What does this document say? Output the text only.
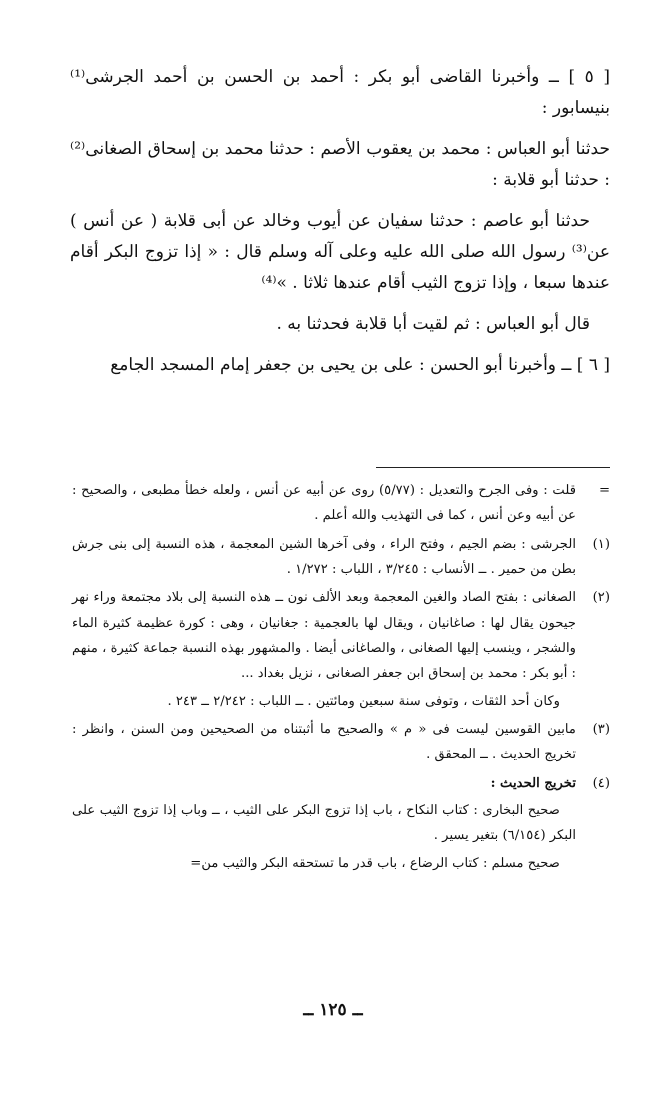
[ ٥ ] ــ وأخبرنا القاضى أبو بكر : أحمد بن الحسن بن أحمد الجرشى⁽¹⁾ بنيسابور :

حدثنا أبو العباس : محمد بن يعقوب الأصم : حدثنا محمد بن إسحاق الصغانى⁽²⁾ : حدثنا أبو قلابة :

حدثنا أبو عاصم : حدثنا سفيان عن أيوب وخالد عن أبى قلابة ( عن أنس ) عن⁽³⁾ رسول الله صلى الله عليه وعلى آله وسلم قال : « إذا تزوج البكر أقام عندها سبعا ، وإذا تزوج الثيب أقام عندها ثلاثا . »⁽⁴⁾

قال أبو العباس : ثم لقيت أبا قلابة فحدثنا به .

[ ٦ ] ــ وأخبرنا أبو الحسن : على بن يحيى بن جعفر إمام المسجد الجامع

=
قلت : وفى الجرح والتعديل : (٥/٧٧) روى عن أبيه عن أنس ، ولعله خطأ مطبعى ، والصحيح : عن أبيه وعن أنس ، كما فى التهذيب والله أعلم .
(١)
الجرشى : بضم الجيم ، وفتح الراء ، وفى آخرها الشين المعجمة ، هذه النسبة إلى بنى جرش بطن من حمير . ــ الأنساب : ٣/٢٤٥ ، اللباب : ١/٢٧٢ .
(٢)
الصغانى : بفتح الصاد والغين المعجمة وبعد الألف نون ــ هذه النسبة إلى بلاد مجتمعة وراء نهر جيحون يقال لها : صاغانيان ، ويقال لها بالعجمية : جغانيان ، وهى : كورة عظيمة كثيرة الماء والشجر ، وينسب إليها الصغانى ، والصاغانى أيضا . والمشهور بهذه النسبة جماعة كثيرة ، منهم : أبو بكر : محمد بن إسحاق ابن جعفر الصغانى ، نزيل بغداد ...
وكان أحد الثقات ، وتوفى سنة سبعين ومائتين . ــ اللباب : ٢/٢٤٢ ــ ٢٤٣ .
(٣)
مابين القوسين ليست فى « م » والصحيح ما أثبتناه من الصحيحين ومن السنن ، وانظر : تخريج الحديث . ــ المحقق .
(٤)
تخريج الحديث :
صحيح البخارى : كتاب النكاح ، باب إذا تزوج البكر على الثيب ، ــ وباب إذا تزوج الثيب على البكر (٦/١٥٤) بتغير يسير .
صحيح مسلم : كتاب الرضاع ، باب قدر ما تستحقه البكر والثيب من=
ــ ١٢٥ ــ
